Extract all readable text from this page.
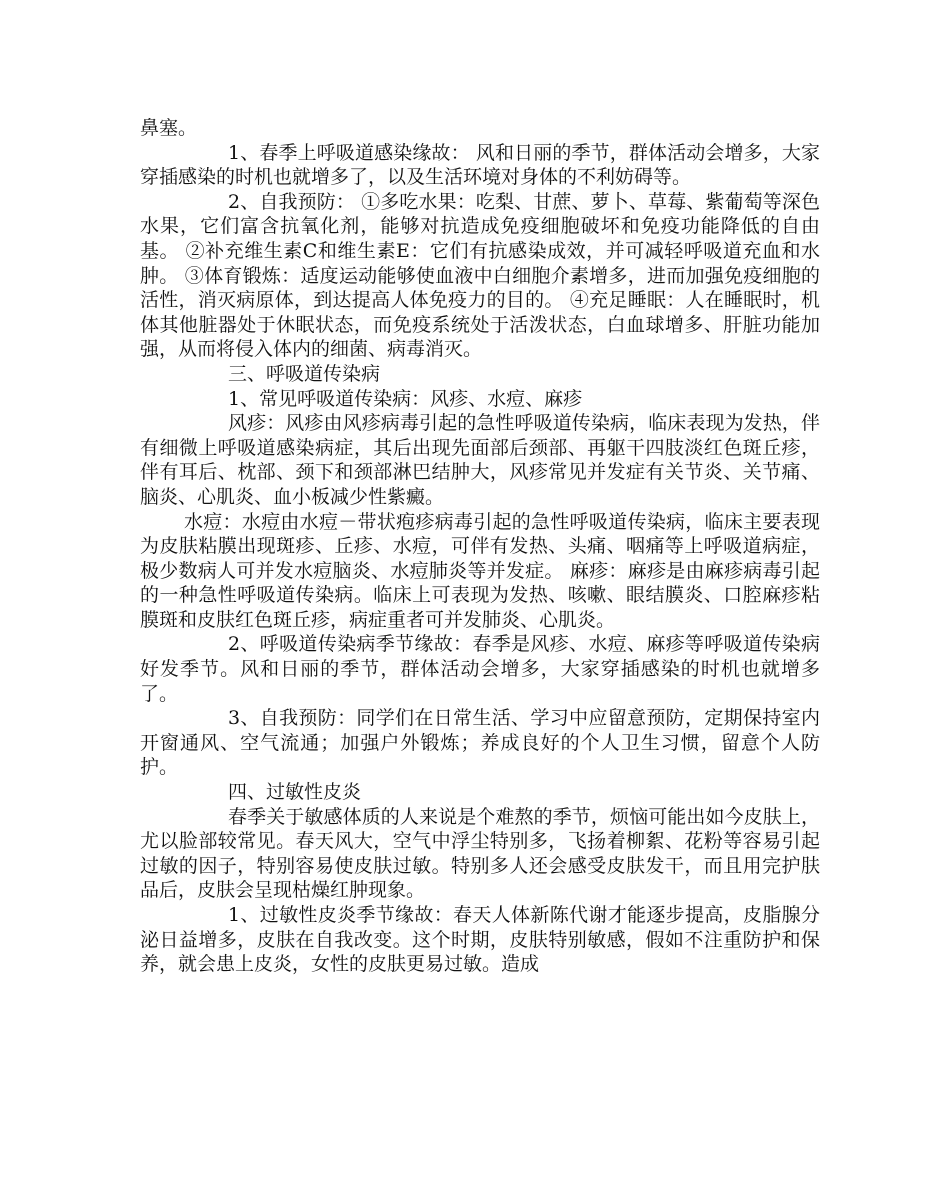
鼻塞。

1、春季上呼吸道感染缘故： 风和日丽的季节，群体活动会增多，大家穿插感染的时机也就增多了，以及生活环境对身体的不利妨碍等。

2、自我预防： ①多吃水果：吃梨、甘蔗、萝卜、草莓、紫葡萄等深色水果，它们富含抗氧化剂，能够对抗造成免疫细胞破坏和免疫功能降低的自由基。 ②补充维生素C和维生素E：它们有抗感染成效，并可减轻呼吸道充血和水肿。 ③体育锻炼：适度运动能够使血液中白细胞介素增多，进而加强免疫细胞的活性，消灭病原体，到达提高人体免疫力的目的。 ④充足睡眠：人在睡眠时，机体其他脏器处于休眠状态，而免疫系统处于活泼状态，白血球增多、肝脏功能加强，从而将侵入体内的细菌、病毒消灭。

三、呼吸道传染病

1、常见呼吸道传染病：风疹、水痘、麻疹

风疹：风疹由风疹病毒引起的急性呼吸道传染病，临床表现为发热，伴有细微上呼吸道感染病症，其后出现先面部后颈部、再躯干四肢淡红色斑丘疹，伴有耳后、枕部、颈下和颈部淋巴结肿大，风疹常见并发症有关节炎、关节痛、脑炎、心肌炎、血小板减少性紫癜。

水痘：水痘由水痘－带状疱疹病毒引起的急性呼吸道传染病，临床主要表现为皮肤粘膜出现斑疹、丘疹、水痘，可伴有发热、头痛、咽痛等上呼吸道病症，极少数病人可并发水痘脑炎、水痘肺炎等并发症。 麻疹：麻疹是由麻疹病毒引起的一种急性呼吸道传染病。临床上可表现为发热、咳嗽、眼结膜炎、口腔麻疹粘膜斑和皮肤红色斑丘疹，病症重者可并发肺炎、心肌炎。

2、呼吸道传染病季节缘故：春季是风疹、水痘、麻疹等呼吸道传染病好发季节。风和日丽的季节，群体活动会增多，大家穿插感染的时机也就增多了。

3、自我预防：同学们在日常生活、学习中应留意预防，定期保持室内开窗通风、空气流通；加强户外锻炼；养成良好的个人卫生习惯，留意个人防护。

四、过敏性皮炎

春季关于敏感体质的人来说是个难熬的季节，烦恼可能出如今皮肤上，尤以脸部较常见。春天风大，空气中浮尘特别多，飞扬着柳絮、花粉等容易引起过敏的因子，特别容易使皮肤过敏。特别多人还会感受皮肤发干，而且用完护肤品后，皮肤会呈现枯燥红肿现象。

1、过敏性皮炎季节缘故：春天人体新陈代谢才能逐步提高，皮脂腺分泌日益增多，皮肤在自我改变。这个时期，皮肤特别敏感，假如不注重防护和保养，就会患上皮炎，女性的皮肤更易过敏。造成
